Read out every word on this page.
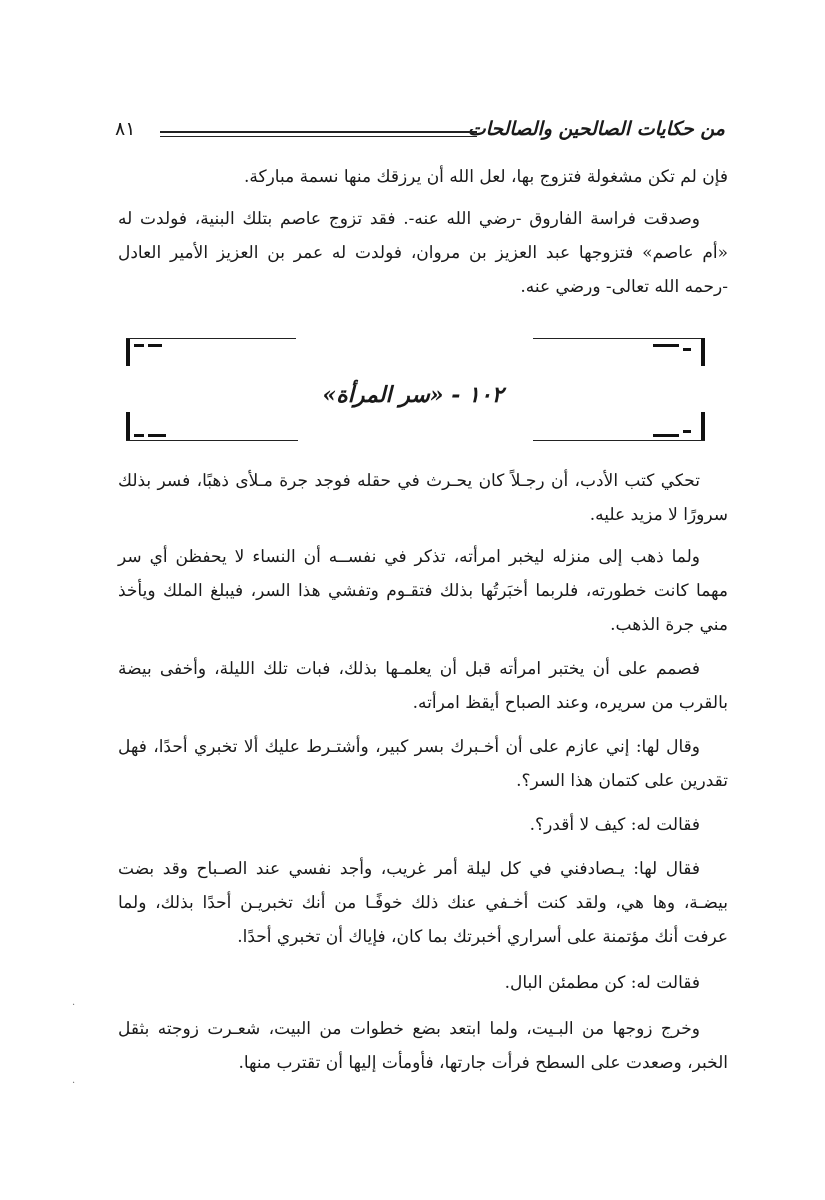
من حكايات الصالحين والصالحات
٨١

فإن لم تكن مشغولة فتزوج بها، لعل الله أن يرزقك منها نسمة مباركة.

وصدقت فراسة الفاروق -رضي الله عنه-. فقد تزوج عاصم بتلك البنية، فولدت له «أم عاصم» فتزوجها عبد العزيز بن مروان، فولدت له عمر بن العزيز الأمير العادل -رحمه الله تعالى- ورضي عنه.

١٠٢ - «سر المرأة»

تحكي كتب الأدب، أن رجـلاً كان يحـرث في حقله فوجد جرة مـلأى ذهبًا، فسر بذلك سرورًا لا مزيد عليه.

ولما ذهب إلى منزله ليخبر امرأته، تذكر في نفســه أن النساء لا يحفظن أي سر مهما كانت خطورته، فلربما أخبَرتُها بذلك فتقـوم وتفشي هذا السر، فيبلغ الملك ويأخذ مني جرة الذهب.

فصمم على أن يختبر امرأته قبل أن يعلمـها بذلك، فبات تلك الليلة، وأخفى بيضة بالقرب من سريره، وعند الصباح أيقظ امرأته.

وقال لها: إني عازم على أن أخـبرك بسر كبير، وأشتـرط عليك ألا تخبري أحدًا، فهل تقدرين على كتمان هذا السر؟.

فقالت له: كيف لا أقدر؟.

فقال لها: يـصادفني في كل ليلة أمر غريب، وأجد نفسي عند الصـباح وقد بضت بيضـة، وها هي، ولقد كنت أخـفي عنك ذلك خوفًـا من أنك تخبريـن أحدًا بذلك، ولما عرفت أنك مؤتمنة على أسراري أخبرتك بما كان، فإياك أن تخبري أحدًا.

فقالت له: كن مطمئن البال.

وخرج زوجها من البـيت، ولما ابتعد بضع خطوات من البيت، شعـرت زوجته بثقل الخبر، وصعدت على السطح فرأت جارتها، فأومأت إليها أن تقترب منها.

·
·
